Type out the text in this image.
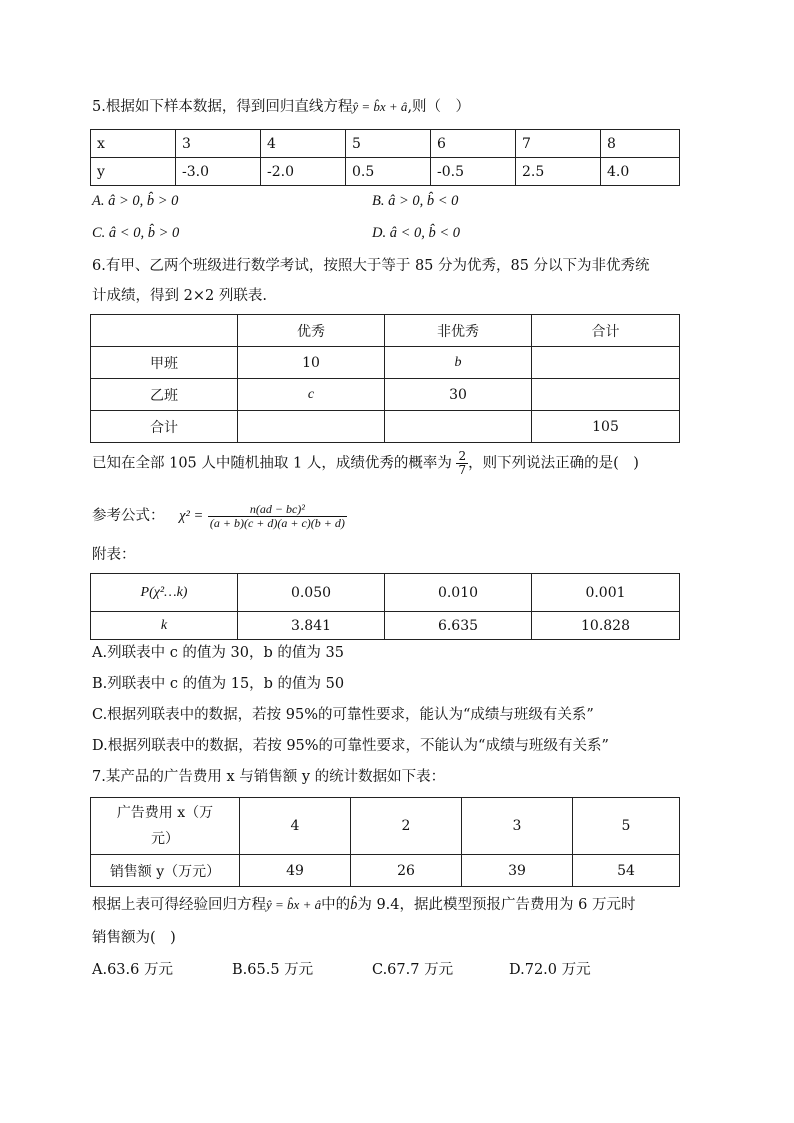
5.根据如下样本数据，得到回归直线方程ŷ = b̂x + â,则（　）
x	3	4	5	6	7	8
y	-3.0	-2.0	0.5	-0.5	2.5	4.0
A. â > 0, b̂ > 0	B. â > 0, b̂ < 0
C. â < 0, b̂ > 0	D. â < 0, b̂ < 0
6.有甲、乙两个班级进行数学考试，按照大于等于 85 分为优秀，85 分以下为非优秀统
计成绩，得到 2×2 列联表.
	优秀	非优秀	合计
甲班	10	b	
乙班	c	30	
合计			105
已知在全部 105 人中随机抽取 1 人，成绩优秀的概率为 $\frac{2}{7}$ ，则下列说法正确的是(　)
参考公式： $\chi^2 = \frac{\text{n(ad − bc)²}}{(a + b)(c + d)(a + c)(b + d)}$
附表：
P(χ²…k)	0.050	0.010	0.001
k	3.841	6.635	10.828
A.列联表中 c 的值为 30，b 的值为 35
B.列联表中 c 的值为 15，b 的值为 50
C.根据列联表中的数据，若按 95%的可靠性要求，能认为“成绩与班级有关系”
D.根据列联表中的数据，若按 95%的可靠性要求，不能认为“成绩与班级有关系”
7.某产品的广告费用 x 与销售额 y 的统计数据如下表：
广告费用 x（万
元）	4	2	3	5
销售额 y（万元）	49	26	39	54
根据上表可得经验回归方程ŷ = b̂x + â中的b̂为 9.4，据此模型预报广告费用为 6 万元时
销售额为(　)
A.63.6 万元	B.65.5 万元	C.67.7 万元	D.72.0 万元
